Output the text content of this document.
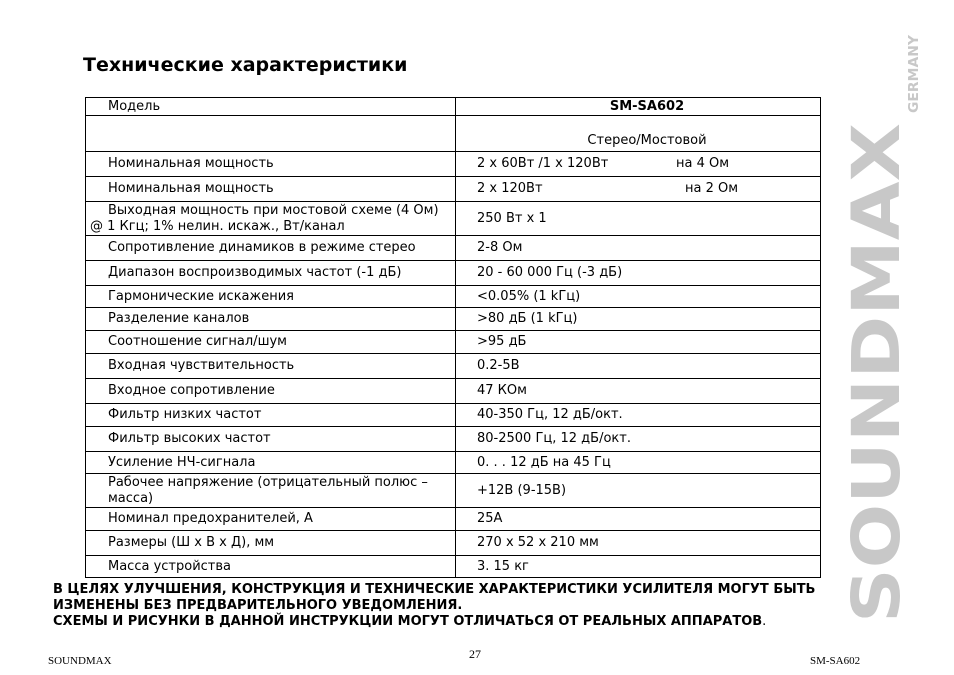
Технические характеристики
Модель	SM-SA602

	Стерео/Мостовой

Номинальная мощность	2 х 60Вт /1 х 120Вт на 4 Ом
Номинальная мощность	2 х 120Вт на 2 Ом
Выходная мощность при мостовой схеме (4 Ом) @ 1 Кгц; 1% нелин. искаж., Вт/канал	250 Вт х 1
Сопротивление динамиков в режиме стерео	2-8 Ом
Диапазон воспроизводимых частот (-1 дБ)	20 - 60 000 Гц (-3 дБ)
Гармонические искажения	<0.05% (1 kГц)
Разделение каналов	>80 дБ (1 kГц)
Соотношение сигнал/шум	>95 дБ
Входная чувствительность	0.2-5В
Входное сопротивление	47 КОм
Фильтр низких частот	40-350 Гц, 12 дБ/окт.
Фильтр высоких частот	80-2500 Гц, 12 дБ/окт.
Усиление НЧ-сигнала	0. . . 12 дБ на 45 Гц
Рабочее напряжение (отрицательный полюс – масса)	+12В (9-15В)
Номинал предохранителей, А	25А
Размеры (Ш х В х Д), мм	270 х 52 х 210 мм
Масса устройства	3. 15 кг

В ЦЕЛЯХ УЛУЧШЕНИЯ, КОНСТРУКЦИЯ И ТЕХНИЧЕСКИЕ ХАРАКТЕРИСТИКИ УСИЛИТЕЛЯ МОГУТ БЫТЬ ИЗМЕНЕНЫ БЕЗ ПРЕДВАРИТЕЛЬНОГО УВЕДОМЛЕНИЯ.

СХЕМЫ И РИСУНКИ В ДАННОЙ ИНСТРУКЦИИ МОГУТ ОТЛИЧАТЬСЯ ОТ РЕАЛЬНЫХ АППАРАТОВ.

SOUNDMAX	27	SM-SA602
SOUNDMAX
GERMANY
